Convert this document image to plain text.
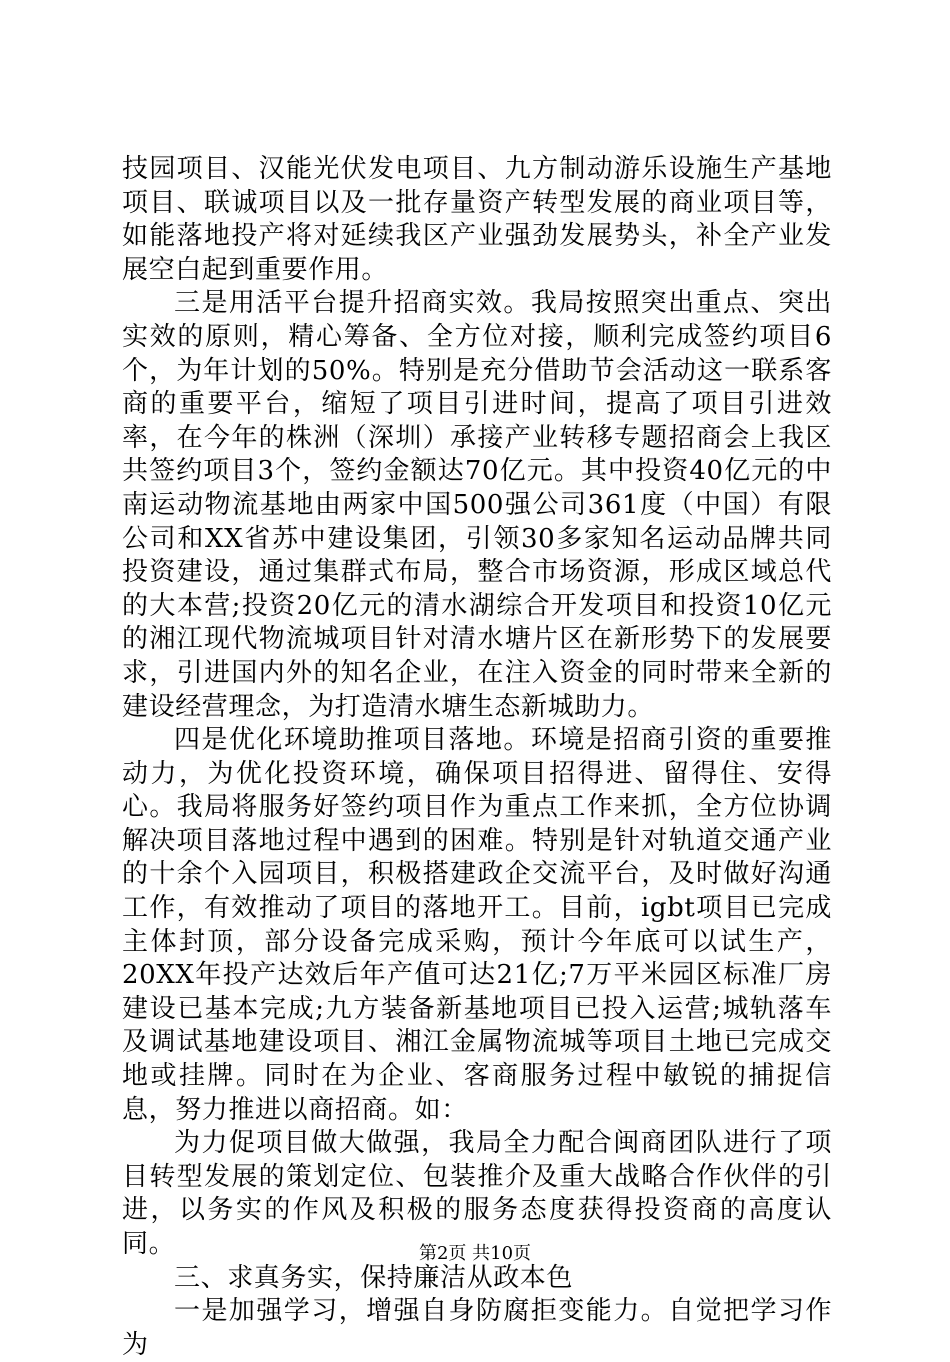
技园项目、汉能光伏发电项目、九方制动游乐设施生产基地项目、联诚项目以及一批存量资产转型发展的商业项目等，如能落地投产将对延续我区产业强劲发展势头，补全产业发展空白起到重要作用。

三是用活平台提升招商实效。我局按照突出重点、突出实效的原则，精心筹备、全方位对接，顺利完成签约项目6个，为年计划的50%。特别是充分借助节会活动这一联系客商的重要平台，缩短了项目引进时间，提高了项目引进效率，在今年的株洲（深圳）承接产业转移专题招商会上我区共签约项目3个，签约金额达70亿元。其中投资40亿元的中南运动物流基地由两家中国500强公司361度（中国）有限公司和XX省苏中建设集团，引领30多家知名运动品牌共同投资建设，通过集群式布局，整合市场资源，形成区域总代的大本营;投资20亿元的清水湖综合开发项目和投资10亿元的湘江现代物流城项目针对清水塘片区在新形势下的发展要求，引进国内外的知名企业，在注入资金的同时带来全新的建设经营理念，为打造清水塘生态新城助力。

四是优化环境助推项目落地。环境是招商引资的重要推动力，为优化投资环境，确保项目招得进、留得住、安得心。我局将服务好签约项目作为重点工作来抓，全方位协调解决项目落地过程中遇到的困难。特别是针对轨道交通产业的十余个入园项目，积极搭建政企交流平台，及时做好沟通工作，有效推动了项目的落地开工。目前，igbt项目已完成主体封顶，部分设备完成采购，预计今年底可以试生产，20XX年投产达效后年产值可达21亿;7万平米园区标准厂房建设已基本完成;九方装备新基地项目已投入运营;城轨落车及调试基地建设项目、湘江金属物流城等项目土地已完成交地或挂牌。同时在为企业、客商服务过程中敏锐的捕捉信息，努力推进以商招商。如：

为力促项目做大做强，我局全力配合闽商团队进行了项目转型发展的策划定位、包装推介及重大战略合作伙伴的引进，以务实的作风及积极的服务态度获得投资商的高度认同。

三、求真务实，保持廉洁从政本色

一是加强学习，增强自身防腐拒变能力。自觉把学习作为

第2页 共10页
